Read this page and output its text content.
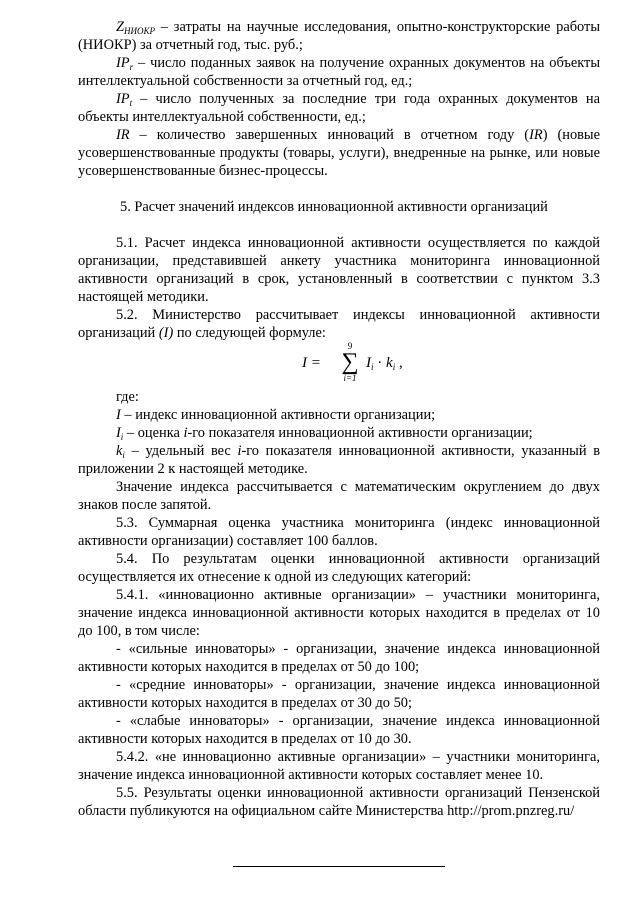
$Z_{НИОКР}$ – затраты на научные исследования, опытно-конструкторские работы (НИОКР) за отчетный год, тыс. руб.;

$IP_r$ – число поданных заявок на получение охранных документов на объекты интеллектуальной собственности за отчетный год, ед.;

$IP_t$ – число полученных за последние три года охранных документов на объекты интеллектуальной собственности, ед.;

IR – количество завершенных инноваций в отчетном году (IR) (новые усовершенствованные продукты (товары, услуги), внедренные на рынке, или новые усовершенствованные бизнес-процессы.

5. Расчет значений индексов инновационной активности организаций

5.1. Расчет индекса инновационной активности осуществляется по каждой организации, представившей анкету участника мониторинга инновационной активности организаций в срок, установленный в соответствии с пунктом 3.3 настоящей методики.

5.2. Министерство рассчитывает индексы инновационной активности организаций (I) по следующей формуле:

I =
9
∑
i=1
$I_i \cdot k_i$ ,

где:

I – индекс инновационной активности организации;

$I_i$ – оценка i-го показателя инновационной активности организации;

$k_i$ – удельный вес i-го показателя инновационной активности, указанный в приложении 2 к настоящей методике.

Значение индекса рассчитывается с математическим округлением до двух знаков после запятой.

5.3. Суммарная оценка участника мониторинга (индекс инновационной активности организации) составляет 100 баллов.

5.4. По результатам оценки инновационной активности организаций осуществляется их отнесение к одной из следующих категорий:

5.4.1. «инновационно активные организации» – участники мониторинга, значение индекса инновационной активности которых находится в пределах от 10 до 100, в том числе:

- «сильные инноваторы» - организации, значение индекса инновационной активности которых находится в пределах от 50 до 100;

- «средние инноваторы» - организации, значение индекса инновационной активности которых находится в пределах от 30 до 50;

- «слабые инноваторы» - организации, значение индекса инновационной активности которых находится в пределах от 10 до 30.

5.4.2. «не инновационно активные организации» – участники мониторинга, значение индекса инновационной активности которых составляет менее 10.

5.5. Результаты оценки инновационной активности организаций Пензенской области публикуются на официальном сайте Министерства http://prom.pnzreg.ru/
